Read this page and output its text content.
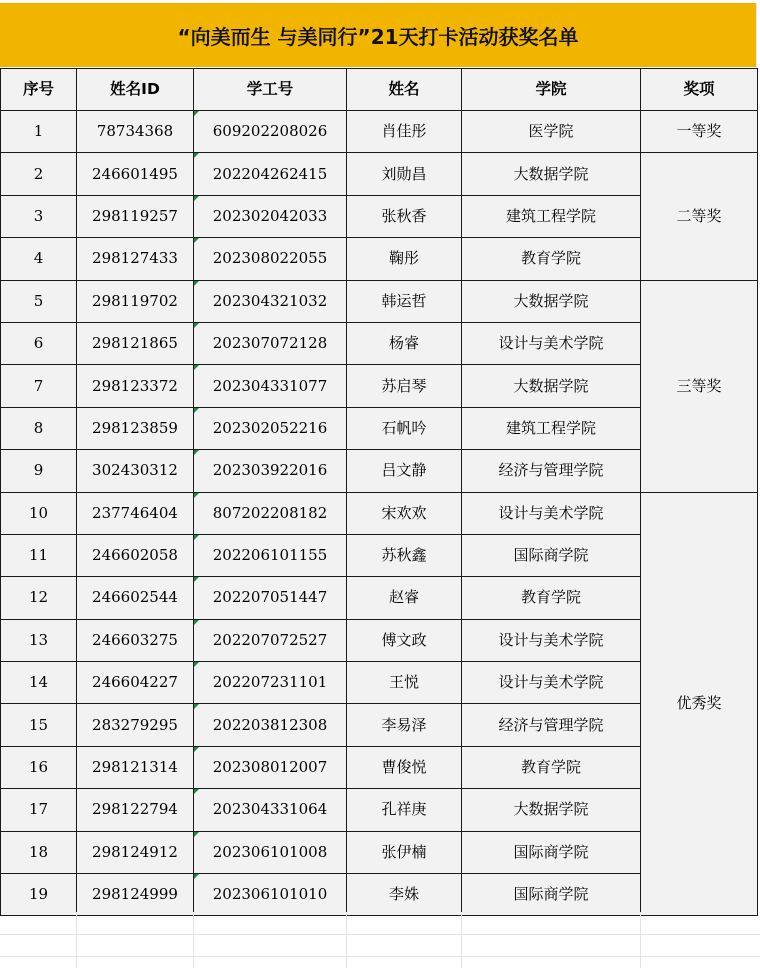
“向美而生 与美同行”21天打卡活动获奖名单
序号	姓名ID	学工号	姓名	学院	奖项
1	78734368	609202208026	肖佳彤	医学院	一等奖
2	246601495	202204262415	刘勋昌	大数据学院	二等奖
3	298119257	202302042033	张秋香	建筑工程学院	
4	298127433	202308022055	鞠彤	教育学院	
5	298119702	202304321032	韩运哲	大数据学院	三等奖
6	298121865	202307072128	杨睿	设计与美术学院	
7	298123372	202304331077	苏启琴	大数据学院	
8	298123859	202302052216	石帆吟	建筑工程学院	
9	302430312	202303922016	吕文静	经济与管理学院	
10	237746404	807202208182	宋欢欢	设计与美术学院	优秀奖
11	246602058	202206101155	苏秋鑫	国际商学院	
12	246602544	202207051447	赵睿	教育学院	
13	246603275	202207072527	傅文政	设计与美术学院	
14	246604227	202207231101	王悦	设计与美术学院	
15	283279295	202203812308	李易泽	经济与管理学院	
16	298121314	202308012007	曹俊悦	教育学院	
17	298122794	202304331064	孔祥庚	大数据学院	
18	298124912	202306101008	张伊楠	国际商学院	
19	298124999	202306101010	李姝	国际商学院	
